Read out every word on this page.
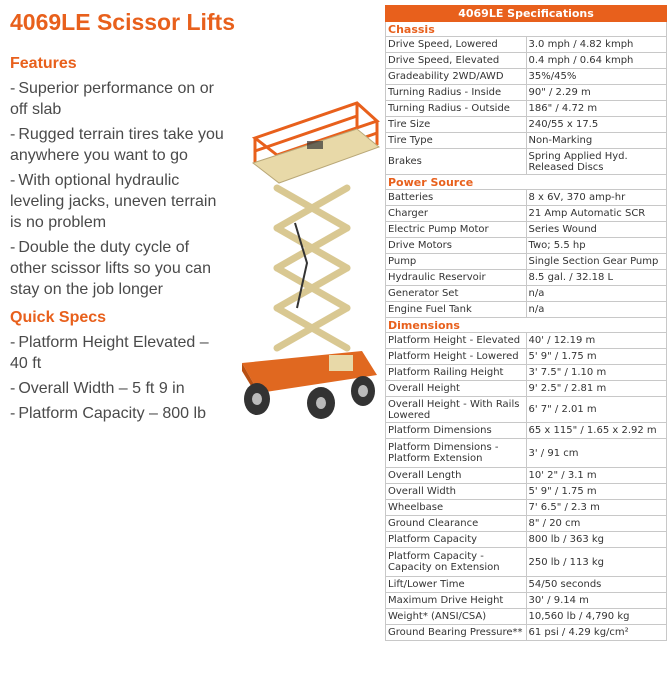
4069LE Scissor Lifts
Features
- Superior performance on or off slab
- Rugged terrain tires take you anywhere you want to go
- With optional hydraulic leveling jacks, uneven terrain is no problem
- Double the duty cycle of other scissor lifts so you can stay on the job longer
Quick Specs
- Platform Height Elevated – 40 ft
- Overall Width – 5 ft 9 in
- Platform Capacity – 800 lb
4069LE Specifications	
Chassis	
Drive Speed, Lowered	3.0 mph / 4.82 kmph
Drive Speed, Elevated	0.4 mph / 0.64 kmph
Gradeability 2WD/AWD	35%/45%
Turning Radius - Inside	90" / 2.29 m
Turning Radius - Outside	186" / 4.72 m
Tire Size	240/55 x 17.5
Tire Type	Non-Marking
Brakes	Spring Applied Hyd. Released Discs
Power Source	
Batteries	8 x 6V, 370 amp-hr
Charger	21 Amp Automatic SCR
Electric Pump Motor	Series Wound
Drive Motors	Two; 5.5 hp
Pump	Single Section Gear Pump
Hydraulic Reservoir	8.5 gal. / 32.18 L
Generator Set	n/a
Engine Fuel Tank	n/a
Dimensions	
Platform Height - Elevated	40' / 12.19 m
Platform Height - Lowered	5' 9" / 1.75 m
Platform Railing Height	3' 7.5" / 1.10 m
Overall Height	9' 2.5" / 2.81 m
Overall Height - With Rails Lowered	6' 7" / 2.01 m
Platform Dimensions	65 x 115" / 1.65 x 2.92 m
Platform Dimensions - Platform Extension	3' / 91 cm
Overall Length	10' 2" / 3.1 m
Overall Width	5' 9" / 1.75 m
Wheelbase	7' 6.5" / 2.3 m
Ground Clearance	8" / 20 cm
Platform Capacity	800 lb / 363 kg
Platform Capacity - Capacity on Extension	250 lb / 113 kg
Lift/Lower Time	54/50 seconds
Maximum Drive Height	30' / 9.14 m
Weight* (ANSI/CSA)	10,560 lb / 4,790 kg
Ground Bearing Pressure**	61 psi / 4.29 kg/cm²
